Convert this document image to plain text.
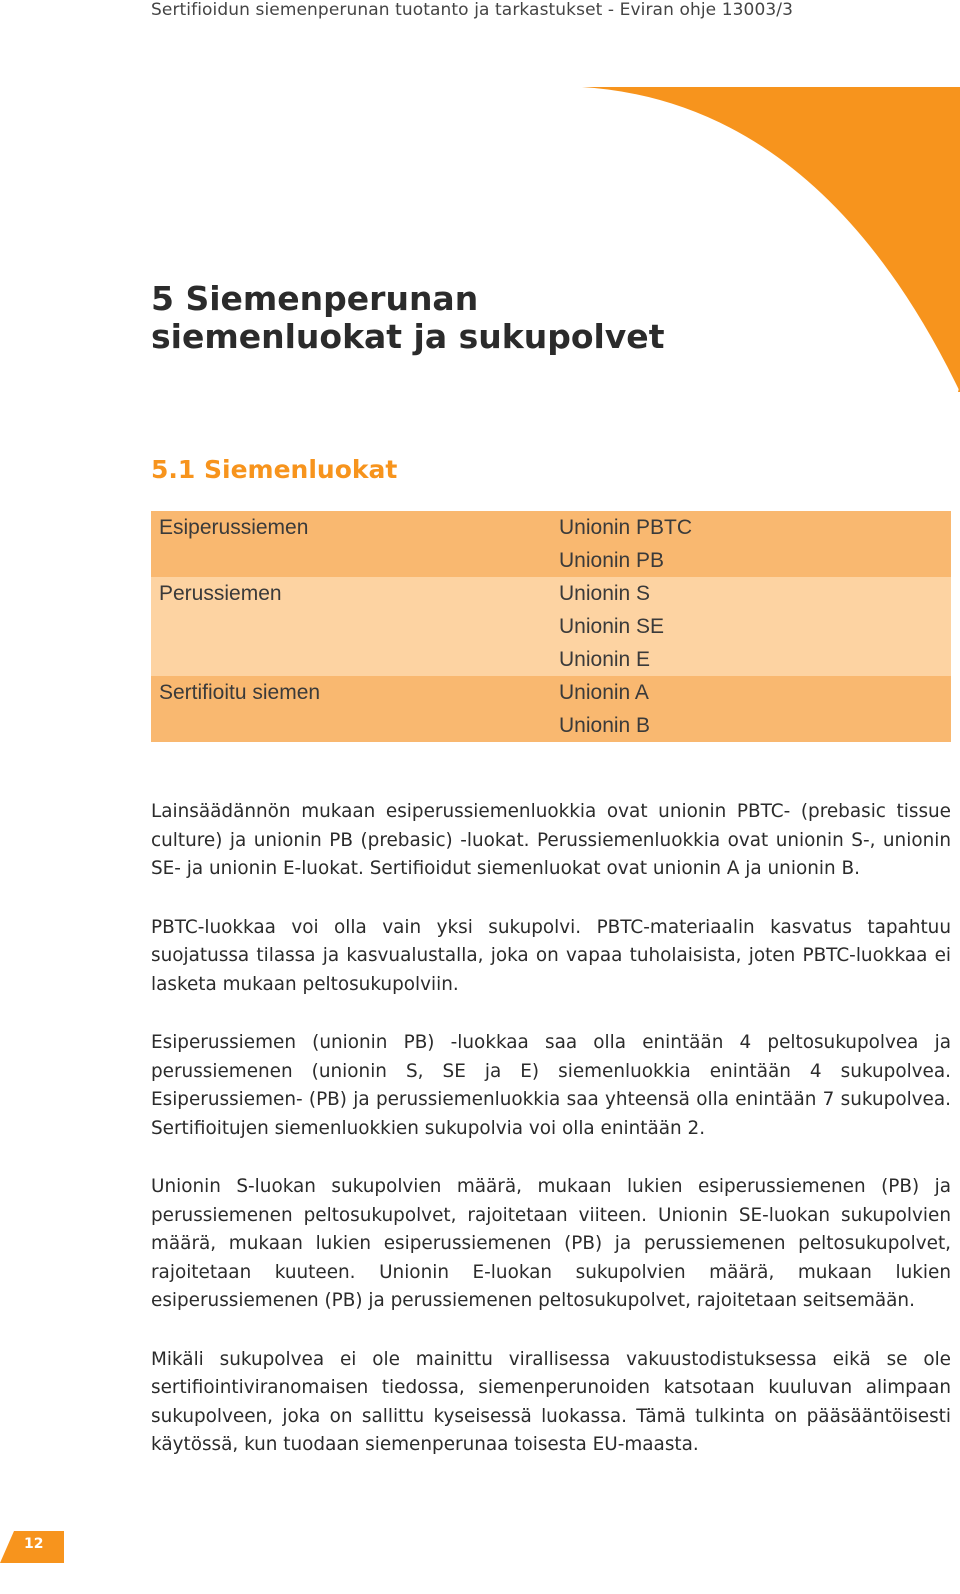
Sertifioidun siemenperunan tuotanto ja tarkastukset - Eviran ohje 13003/3
5 Siemenperunan
siemenluokat ja sukupolvet
5.1 Siemenluokat
Esiperussiemen	Unionin PBTC
	Unionin PB
Perussiemen	Unionin S
	Unionin SE
	Unionin E
Sertifioitu siemen	Unionin A
	Unionin B

Lainsäädännön mukaan esiperussiemenluokkia ovat unionin PBTC- (prebasic tissue culture) ja unionin PB (prebasic) -luokat. Perussiemenluokkia ovat unionin S-, unionin SE- ja unionin E-luokat. Sertifioidut siemenluokat ovat unionin A ja unionin B.

PBTC-luokkaa voi olla vain yksi sukupolvi. PBTC-materiaalin kasvatus tapahtuu suojatussa tilassa ja kasvualustalla, joka on vapaa tuholaisista, joten PBTC-luokkaa ei lasketa mukaan peltosukupolviin.

Esiperussiemen (unionin PB) -luokkaa saa olla enintään 4 peltosukupolvea ja perussiemenen (unionin S, SE ja E) siemenluokkia enintään 4 sukupolvea. Esiperussiemen- (PB) ja perussiemenluokkia saa yhteensä olla enintään 7 sukupolvea. Sertifioitujen siemenluokkien sukupolvia voi olla enintään 2.

Unionin S-luokan sukupolvien määrä, mukaan lukien esiperussiemenen (PB) ja perussiemenen peltosukupolvet, rajoitetaan viiteen. Unionin SE-luokan sukupolvien määrä, mukaan lukien esiperussiemenen (PB) ja perussiemenen peltosukupolvet, rajoitetaan kuuteen. Unionin E-luokan sukupolvien määrä, mukaan lukien esiperussiemenen (PB) ja perussiemenen peltosukupolvet, rajoitetaan seitsemään.

Mikäli sukupolvea ei ole mainittu virallisessa vakuustodistuksessa eikä se ole sertifiointiviranomaisen tiedossa, siemenperunoiden katsotaan kuuluvan alimpaan sukupolveen, joka on sallittu kyseisessä luokassa. Tämä tulkinta on pääsääntöisesti käytössä, kun tuodaan siemenperunaa toisesta EU-maasta.

12
